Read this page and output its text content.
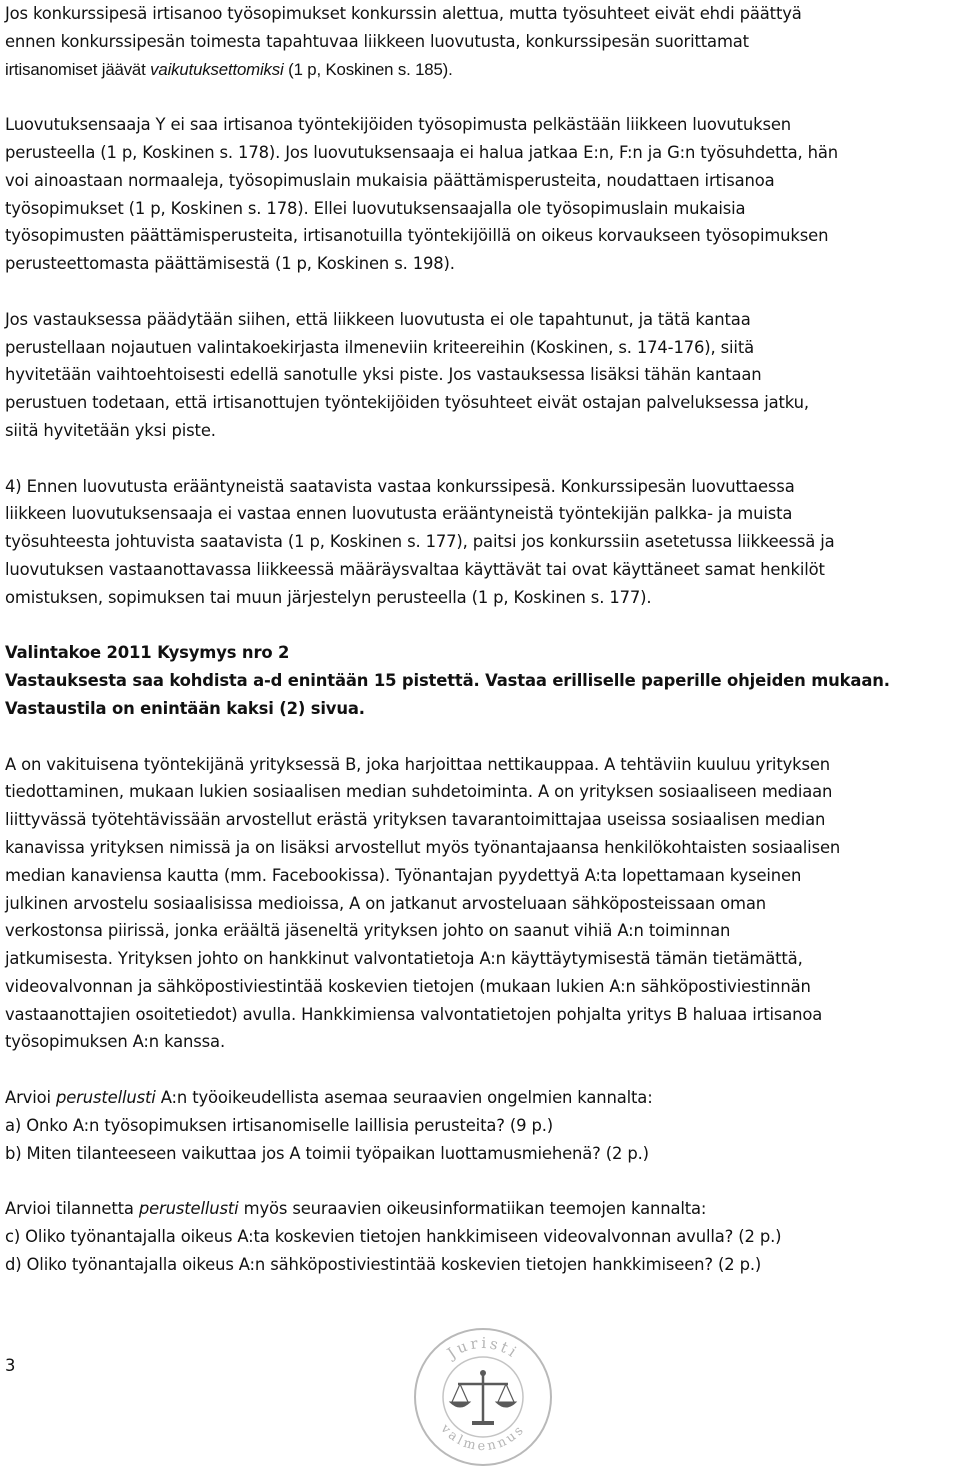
Jos konkurssipesä irtisanoo työsopimukset konkurssin alettua, mutta työsuhteet eivät ehdi päättyä
ennen konkurssipesän toimesta tapahtuvaa liikkeen luovutusta, konkurssipesän suorittamat
irtisanomiset jäävät vaikutuksettomiksi (1 p, Koskinen s. 185).

Luovutuksensaaja Y ei saa irtisanoa työntekijöiden työsopimusta pelkästään liikkeen luovutuksen
perusteella (1 p, Koskinen s. 178). Jos luovutuksensaaja ei halua jatkaa E:n, F:n ja G:n työsuhdetta, hän
voi ainoastaan normaaleja, työsopimuslain mukaisia päättämisperusteita, noudattaen irtisanoa
työsopimukset (1 p, Koskinen s. 178). Ellei luovutuksensaajalla ole työsopimuslain mukaisia
työsopimusten päättämisperusteita, irtisanotuilla työntekijöillä on oikeus korvaukseen työsopimuksen
perusteettomasta päättämisestä (1 p, Koskinen s. 198).

Jos vastauksessa päädytään siihen, että liikkeen luovutusta ei ole tapahtunut, ja tätä kantaa
perustellaan nojautuen valintakoekirjasta ilmeneviin kriteereihin (Koskinen, s. 174-176), siitä
hyvitetään vaihtoehtoisesti edellä sanotulle yksi piste. Jos vastauksessa lisäksi tähän kantaan
perustuen todetaan, että irtisanottujen työntekijöiden työsuhteet eivät ostajan palveluksessa jatku,
siitä hyvitetään yksi piste.

4) Ennen luovutusta erääntyneistä saatavista vastaa konkurssipesä. Konkurssipesän luovuttaessa
liikkeen luovutuksensaaja ei vastaa ennen luovutusta erääntyneistä työntekijän palkka- ja muista
työsuhteesta johtuvista saatavista (1 p, Koskinen s. 177), paitsi jos konkurssiin asetetussa liikkeessä ja
luovutuksen vastaanottavassa liikkeessä määräysvaltaa käyttävät tai ovat käyttäneet samat henkilöt
omistuksen, sopimuksen tai muun järjestelyn perusteella (1 p, Koskinen s. 177).

Valintakoe 2011 Kysymys nro 2
Vastauksesta saa kohdista a-d enintään 15 pistettä. Vastaa erilliselle paperille ohjeiden mukaan.
Vastaustila on enintään kaksi (2) sivua.

A on vakituisena työntekijänä yrityksessä B, joka harjoittaa nettikauppaa. A tehtäviin kuuluu yrityksen
tiedottaminen, mukaan lukien sosiaalisen median suhdetoiminta. A on yrityksen sosiaaliseen mediaan
liittyvässä työtehtävissään arvostellut erästä yrityksen tavarantoimittajaa useissa sosiaalisen median
kanavissa yrityksen nimissä ja on lisäksi arvostellut myös työnantajaansa henkilökohtaisten sosiaalisen
median kanaviensa kautta (mm. Facebookissa). Työnantajan pyydettyä A:ta lopettamaan kyseinen
julkinen arvostelu sosiaalisissa medioissa, A on jatkanut arvosteluaan sähköposteissaan oman
verkostonsa piirissä, jonka eräältä jäseneltä yrityksen johto on saanut vihiä A:n toiminnan
jatkumisesta. Yrityksen johto on hankkinut valvontatietoja A:n käyttäytymisestä tämän tietämättä,
videovalvonnan ja sähköpostiviestintää koskevien tietojen (mukaan lukien A:n sähköpostiviestinnän
vastaanottajien osoitetiedot) avulla. Hankkimiensa valvontatietojen pohjalta yritys B haluaa irtisanoa
työsopimuksen A:n kanssa.

Arvioi perustellusti A:n työoikeudellista asemaa seuraavien ongelmien kannalta:
a) Onko A:n työsopimuksen irtisanomiselle laillisia perusteita? (9 p.)
b) Miten tilanteeseen vaikuttaa jos A toimii työpaikan luottamusmiehenä? (2 p.)

Arvioi tilannetta perustellusti myös seuraavien oikeusinformatiikan teemojen kannalta:
c) Oliko työnantajalla oikeus A:ta koskevien tietojen hankkimiseen videovalvonnan avulla? (2 p.)
d) Oliko työnantajalla oikeus A:n sähköpostiviestintää koskevien tietojen hankkimiseen? (2 p.)

3
Juristi
valmennus
